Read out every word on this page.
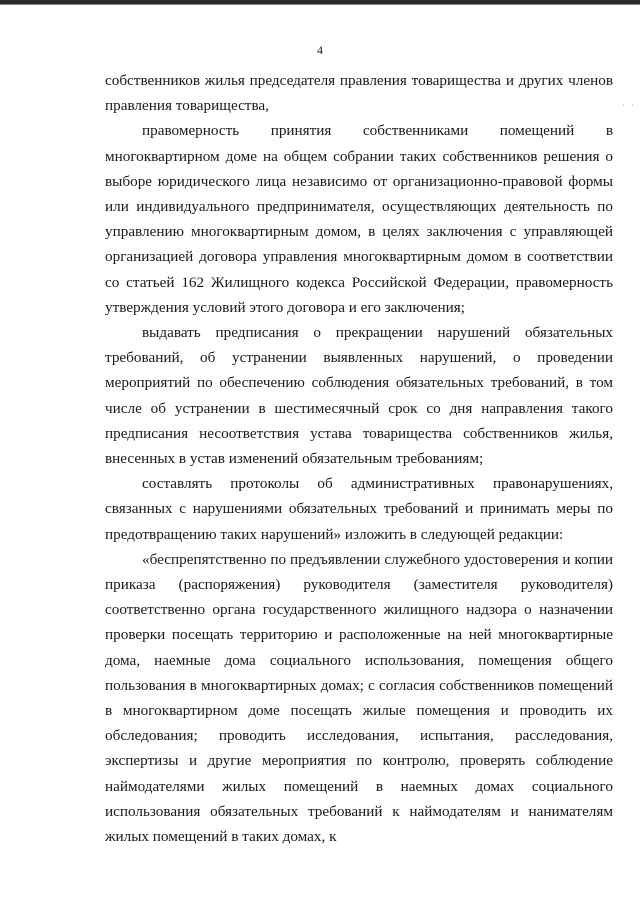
4
· ·

собственников жилья председателя правления товарищества и других членов правления товарищества,

правомерность принятия собственниками помещений в многоквартирном доме на общем собрании таких собственников решения о выборе юридического лица независимо от организационно-правовой формы или индивидуального предпринимателя, осуществляющих деятельность по управлению многоквартирным домом, в целях заключения с управляющей организацией договора управления многоквартирным домом в соответствии со статьей 162 Жилищного кодекса Российской Федерации, правомерность утверждения условий этого договора и его заключения;

выдавать предписания о прекращении нарушений обязательных требований, об устранении выявленных нарушений, о проведении мероприятий по обеспечению соблюдения обязательных требований, в том числе об устранении в шестимесячный срок со дня направления такого предписания несоответствия устава товарищества собственников жилья, внесенных в устав изменений обязательным требованиям;

составлять протоколы об административных правонарушениях, связанных с нарушениями обязательных требований и принимать меры по предотвращению таких нарушений» изложить в следующей редакции:

«беспрепятственно по предъявлении служебного удостоверения и копии приказа (распоряжения) руководителя (заместителя руководителя) соответственно органа государственного жилищного надзора о назначении проверки посещать территорию и расположенные на ней многоквартирные дома, наемные дома социального использования, помещения общего пользования в многоквартирных домах; с согласия собственников помещений в многоквартирном доме посещать жилые помещения и проводить их обследования; проводить исследования, испытания, расследования, экспертизы и другие мероприятия по контролю, проверять соблюдение наймодателями жилых помещений в наемных домах социального использования обязательных требований к наймодателям и нанимателям жилых помещений в таких домах, к
